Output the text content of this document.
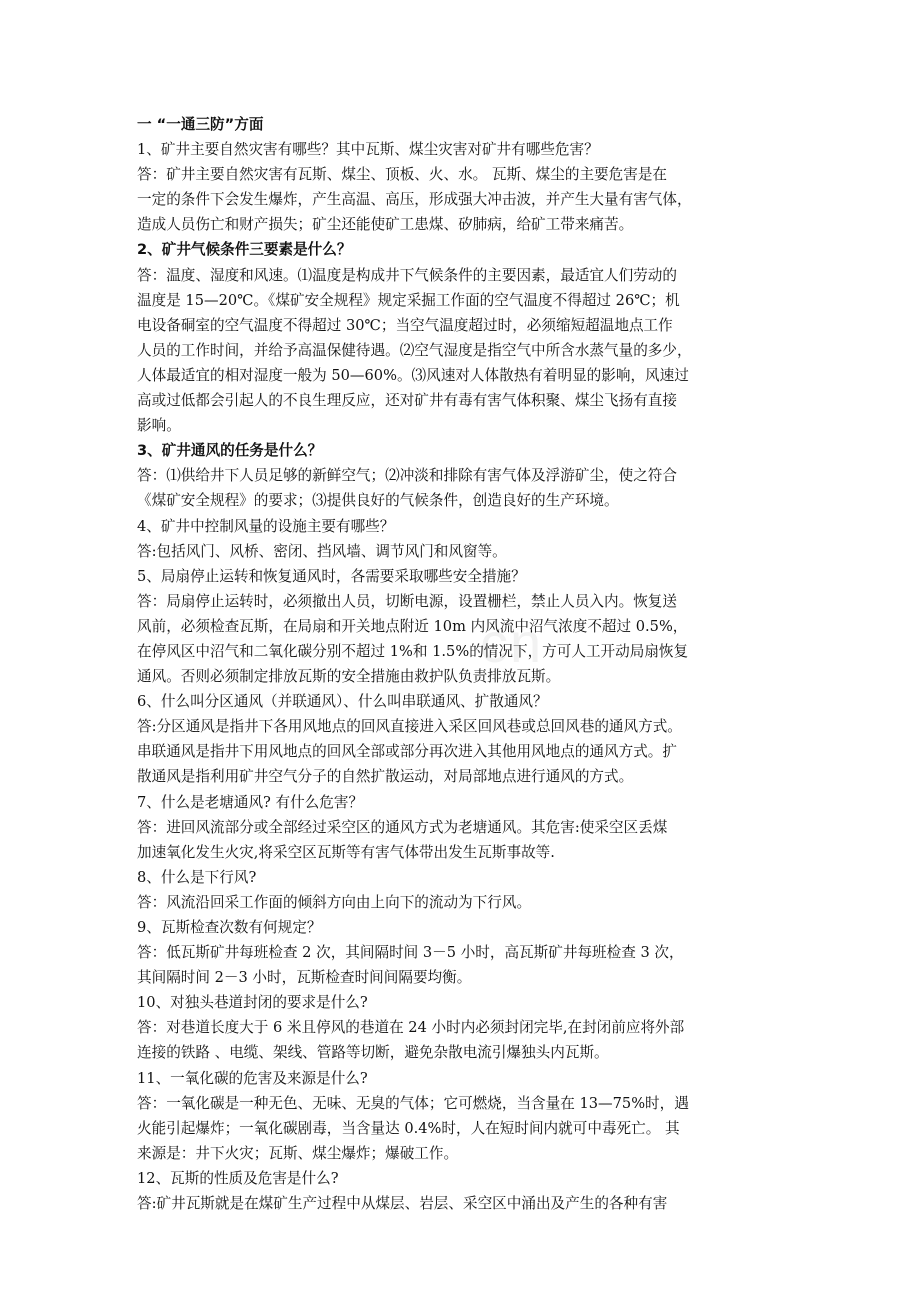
cn
一 “一通三防”方面
1、矿井主要自然灾害有哪些？其中瓦斯、煤尘灾害对矿井有哪些危害？
答：矿井主要自然灾害有瓦斯、煤尘、顶板、火、水。 瓦斯、煤尘的主要危害是在
一定的条件下会发生爆炸，产生高温、高压，形成强大冲击波，并产生大量有害气体，
造成人员伤亡和财产损失；矿尘还能使矿工患煤、矽肺病，给矿工带来痛苦。
2、矿井气候条件三要素是什么？
答：温度、湿度和风速。⑴温度是构成井下气候条件的主要因素，最适宜人们劳动的
温度是 15—20℃。《煤矿安全规程》规定采掘工作面的空气温度不得超过 26℃；机
电设备硐室的空气温度不得超过 30℃；当空气温度超过时，必须缩短超温地点工作
人员的工作时间，并给予高温保健待遇。⑵空气湿度是指空气中所含水蒸气量的多少，
人体最适宜的相对湿度一般为 50—60%。⑶风速对人体散热有着明显的影响，风速过
高或过低都会引起人的不良生理反应，还对矿井有毒有害气体积聚、煤尘飞扬有直接
影响。
3、矿井通风的任务是什么？
答：⑴供给井下人员足够的新鲜空气；⑵冲淡和排除有害气体及浮游矿尘，使之符合
《煤矿安全规程》的要求；⑶提供良好的气候条件，创造良好的生产环境。
4、矿井中控制风量的设施主要有哪些？
答:包括风门、风桥、密闭、挡风墙、调节风门和风窗等。
5、局扇停止运转和恢复通风时，各需要采取哪些安全措施？
答：局扇停止运转时，必须撤出人员，切断电源，设置栅栏，禁止人员入内。恢复送
风前，必须检查瓦斯，在局扇和开关地点附近 10m 内风流中沼气浓度不超过 0.5%，
在停风区中沼气和二氧化碳分别不超过 1%和 1.5%的情况下，方可人工开动局扇恢复
通风。否则必须制定排放瓦斯的安全措施由救护队负责排放瓦斯。
6、什么叫分区通风（并联通风）、什么叫串联通风、扩散通风？
答:分区通风是指井下各用风地点的回风直接进入采区回风巷或总回风巷的通风方式。
串联通风是指井下用风地点的回风全部或部分再次进入其他用风地点的通风方式。扩
散通风是指利用矿井空气分子的自然扩散运动，对局部地点进行通风的方式。
7、什么是老塘通风? 有什么危害？
答：进回风流部分或全部经过采空区的通风方式为老塘通风。其危害:使采空区丢煤
加速氧化发生火灾,将采空区瓦斯等有害气体带出发生瓦斯事故等.
8、什么是下行风?
答：风流沿回采工作面的倾斜方向由上向下的流动为下行风。
9、瓦斯检查次数有何规定？
答：低瓦斯矿井每班检查 2 次，其间隔时间 3－5 小时，高瓦斯矿井每班检查 3 次，
其间隔时间 2－3 小时，瓦斯检查时间间隔要均衡。
10、对独头巷道封闭的要求是什么?
答：对巷道长度大于 6 米且停风的巷道在 24 小时内必须封闭完毕,在封闭前应将外部
连接的铁路 、电缆、架线、管路等切断，避免杂散电流引爆独头内瓦斯。
11、一氧化碳的危害及来源是什么?
答：一氧化碳是一种无色、无味、无臭的气体；它可燃烧，当含量在 13—75%时，遇
火能引起爆炸；一氧化碳剧毒，当含量达 0.4%时，人在短时间内就可中毒死亡。 其
来源是：井下火灾；瓦斯、煤尘爆炸；爆破工作。
12、瓦斯的性质及危害是什么?
答:矿井瓦斯就是在煤矿生产过程中从煤层、岩层、采空区中涌出及产生的各种有害
